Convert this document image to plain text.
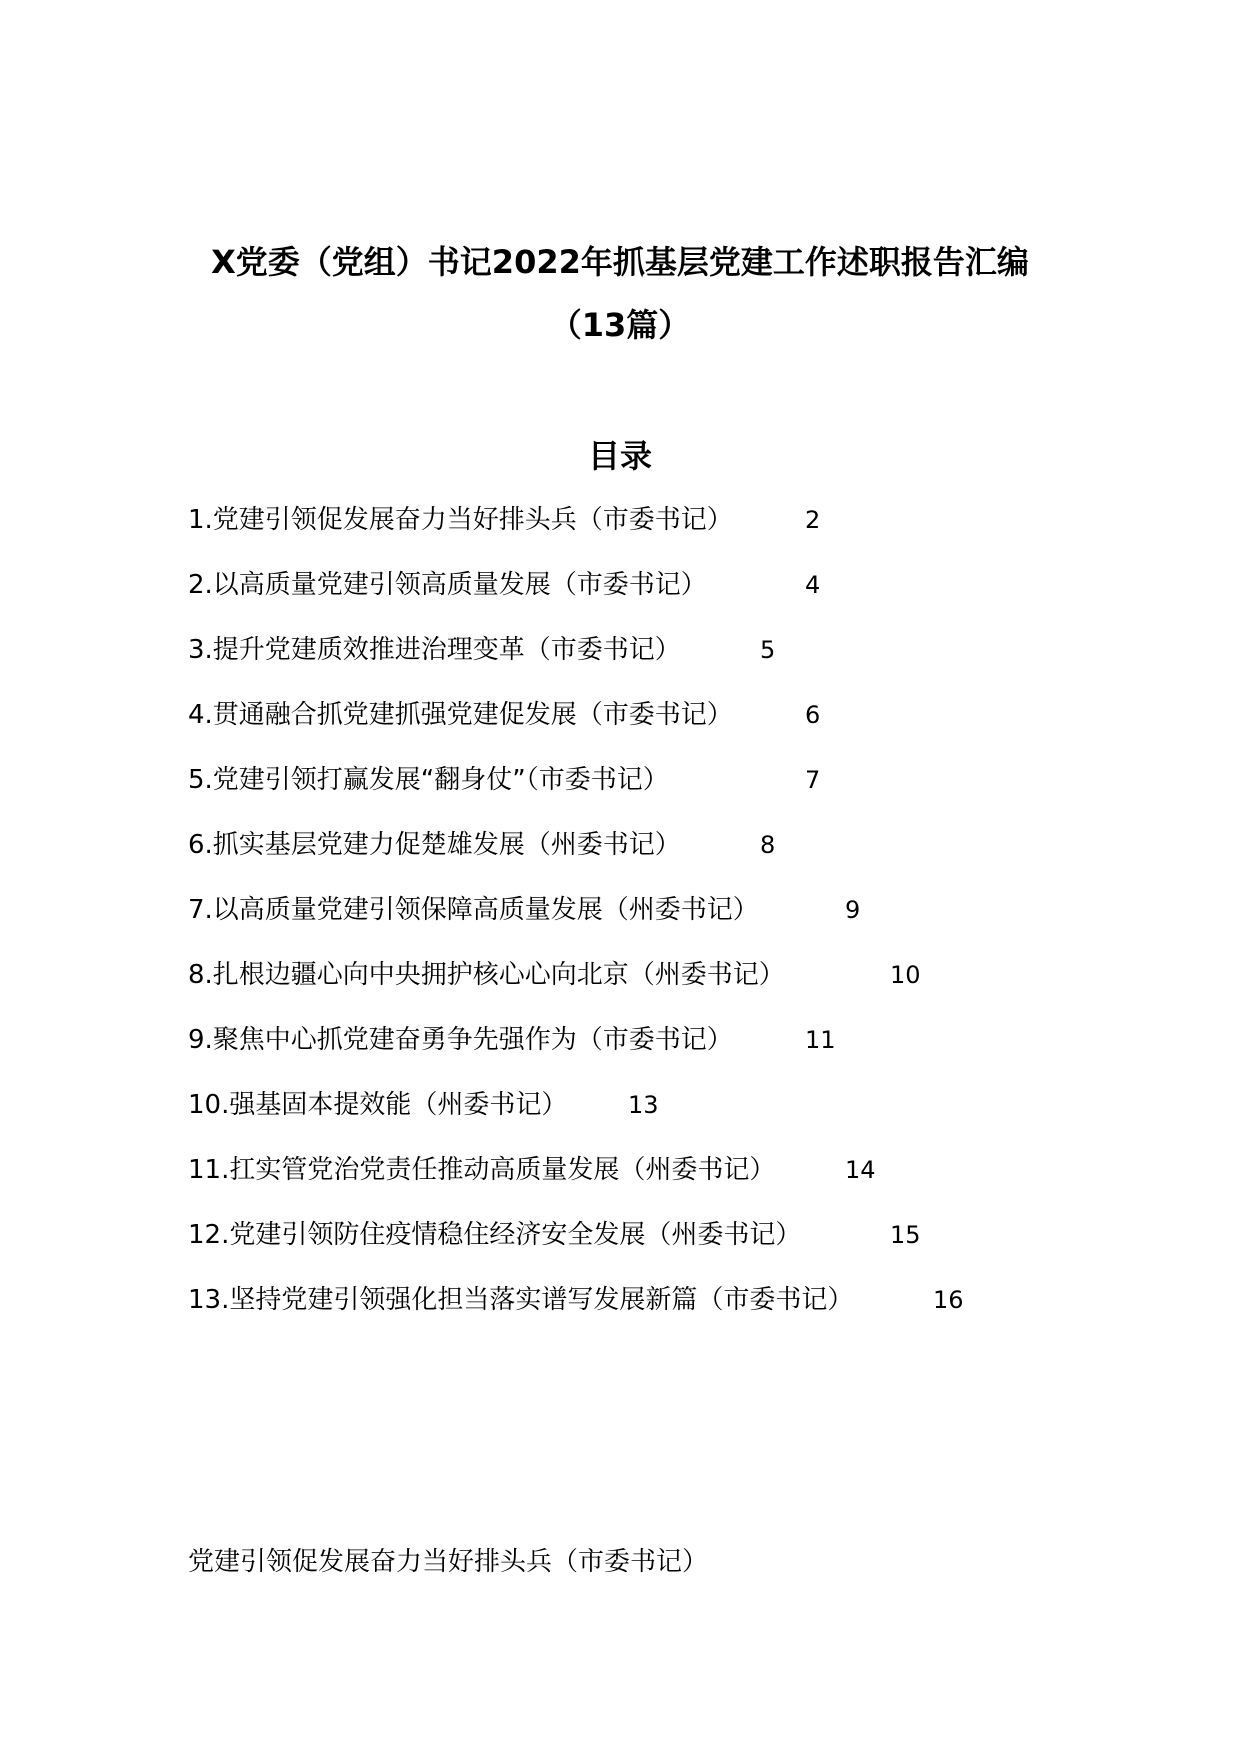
X党委（党组）书记2022年抓基层党建工作述职报告汇编
（13篇）
目录
1.党建引领促发展奋力当好排头兵（市委书记）	2
2.以高质量党建引领高质量发展（市委书记）	4
3.提升党建质效推进治理变革（市委书记）	5
4.贯通融合抓党建抓强党建促发展（市委书记）	6
5.党建引领打赢发展“翻身仗”（市委书记）	7
6.抓实基层党建力促楚雄发展（州委书记）	8
7.以高质量党建引领保障高质量发展（州委书记）	9
8.扎根边疆心向中央拥护核心心向北京（州委书记）	10
9.聚焦中心抓党建奋勇争先强作为（市委书记）	11
10.强基固本提效能（州委书记）	13
11.扛实管党治党责任推动高质量发展（州委书记）	14
12.党建引领防住疫情稳住经济安全发展（州委书记）	15
13.坚持党建引领强化担当落实谱写发展新篇（市委书记）	16
党建引领促发展奋力当好排头兵（市委书记）
